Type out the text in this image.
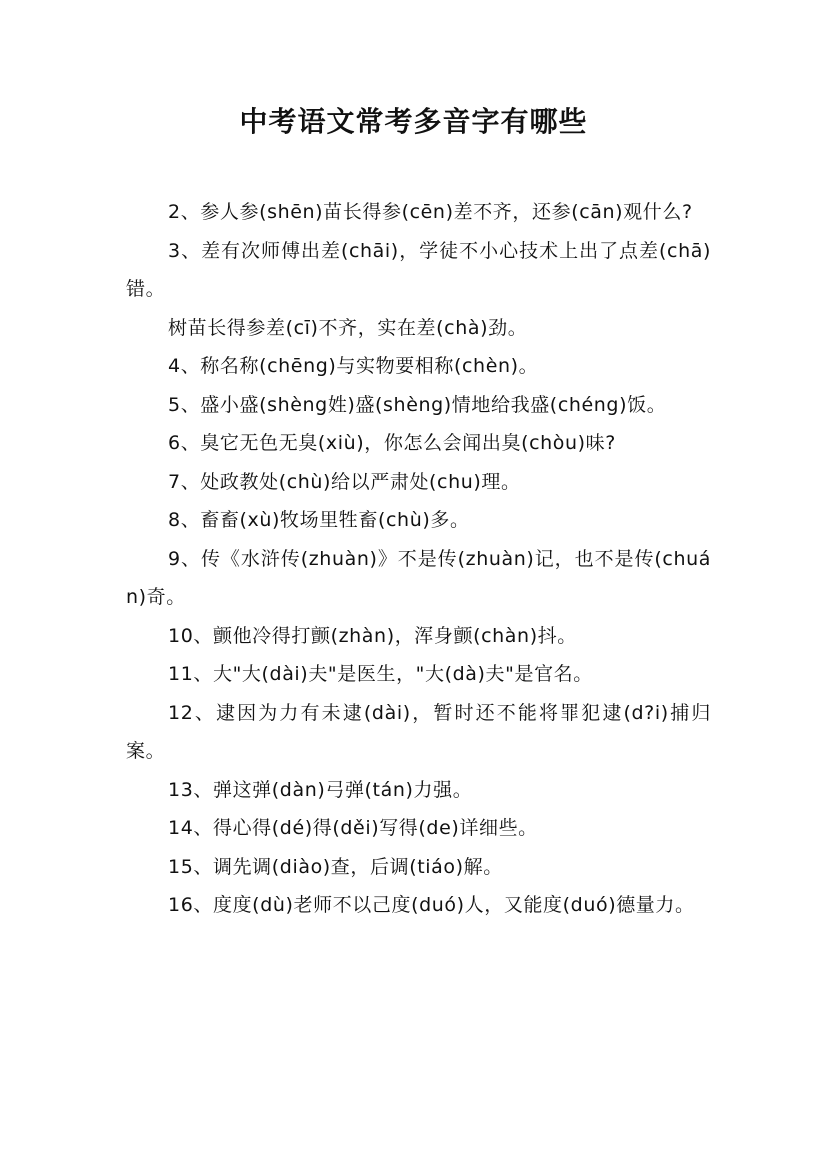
中考语文常考多音字有哪些

2、参人参(shēn)苗长得参(cēn)差不齐，还参(cān)观什么?

3、差有次师傅出差(chāi)，学徒不小心技术上出了点差(chā)错。

树苗长得参差(cī)不齐，实在差(chà)劲。

4、称名称(chēng)与实物要相称(chèn)。

5、盛小盛(shèng姓)盛(shèng)情地给我盛(chéng)饭。

6、臭它无色无臭(xiù)，你怎么会闻出臭(chòu)味?

7、处政教处(chù)给以严肃处(chu)理。

8、畜畜(xù)牧场里牲畜(chù)多。

9、传《水浒传(zhuàn)》不是传(zhuàn)记，也不是传(chuán)奇。

10、颤他冷得打颤(zhàn)，浑身颤(chàn)抖。

11、大"大(dài)夫"是医生，"大(dà)夫"是官名。

12、逮因为力有未逮(dài)，暂时还不能将罪犯逮(d?i)捕归案。

13、弹这弹(dàn)弓弹(tán)力强。

14、得心得(dé)得(děi)写得(de)详细些。

15、调先调(diào)查，后调(tiáo)解。

16、度度(dù)老师不以己度(duó)人，又能度(duó)德量力。
